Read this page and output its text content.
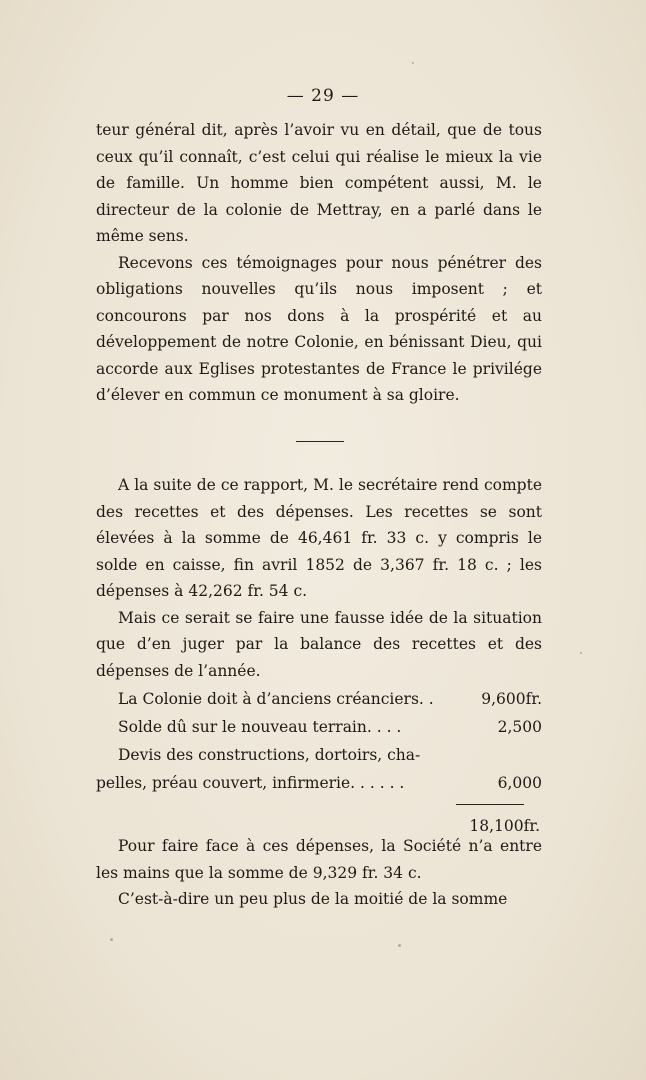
— 29 —

teur général dit, après l’avoir vu en détail, que de tous ceux qu’il connaît, c’est celui qui réalise le mieux la vie de famille. Un homme bien compétent aussi, M. le directeur de la colonie de Mettray, en a parlé dans le même sens.

Recevons ces témoignages pour nous pénétrer des obligations nouvelles qu’ils nous imposent ; et concourons par nos dons à la prospérité et au développement de notre Colonie, en bénissant Dieu, qui accorde aux Eglises protestantes de France le privilége d’élever en commun ce monument à sa gloire.

A la suite de ce rapport, M. le secrétaire rend compte des recettes et des dépenses. Les recettes se sont élevées à la somme de 46,461 fr. 33 c. y compris le solde en caisse, fin avril 1852 de 3,367 fr. 18 c. ; les dépenses à 42,262 fr. 54 c.

Mais ce serait se faire une fausse idée de la situation que d’en juger par la balance des recettes et des dépenses de l’année.

La Colonie doit à d’anciens créanciers. .	9,600fr.
Solde dû sur le nouveau terrain. . . .	2,500
Devis des constructions, dortoirs, cha-
pelles, préau couvert, infirmerie. . . . . .	6,000
18,100fr.

Pour faire face à ces dépenses, la Société n’a entre les mains que la somme de 9,329 fr. 34 c.

C’est-à-dire un peu plus de la moitié de la somme
